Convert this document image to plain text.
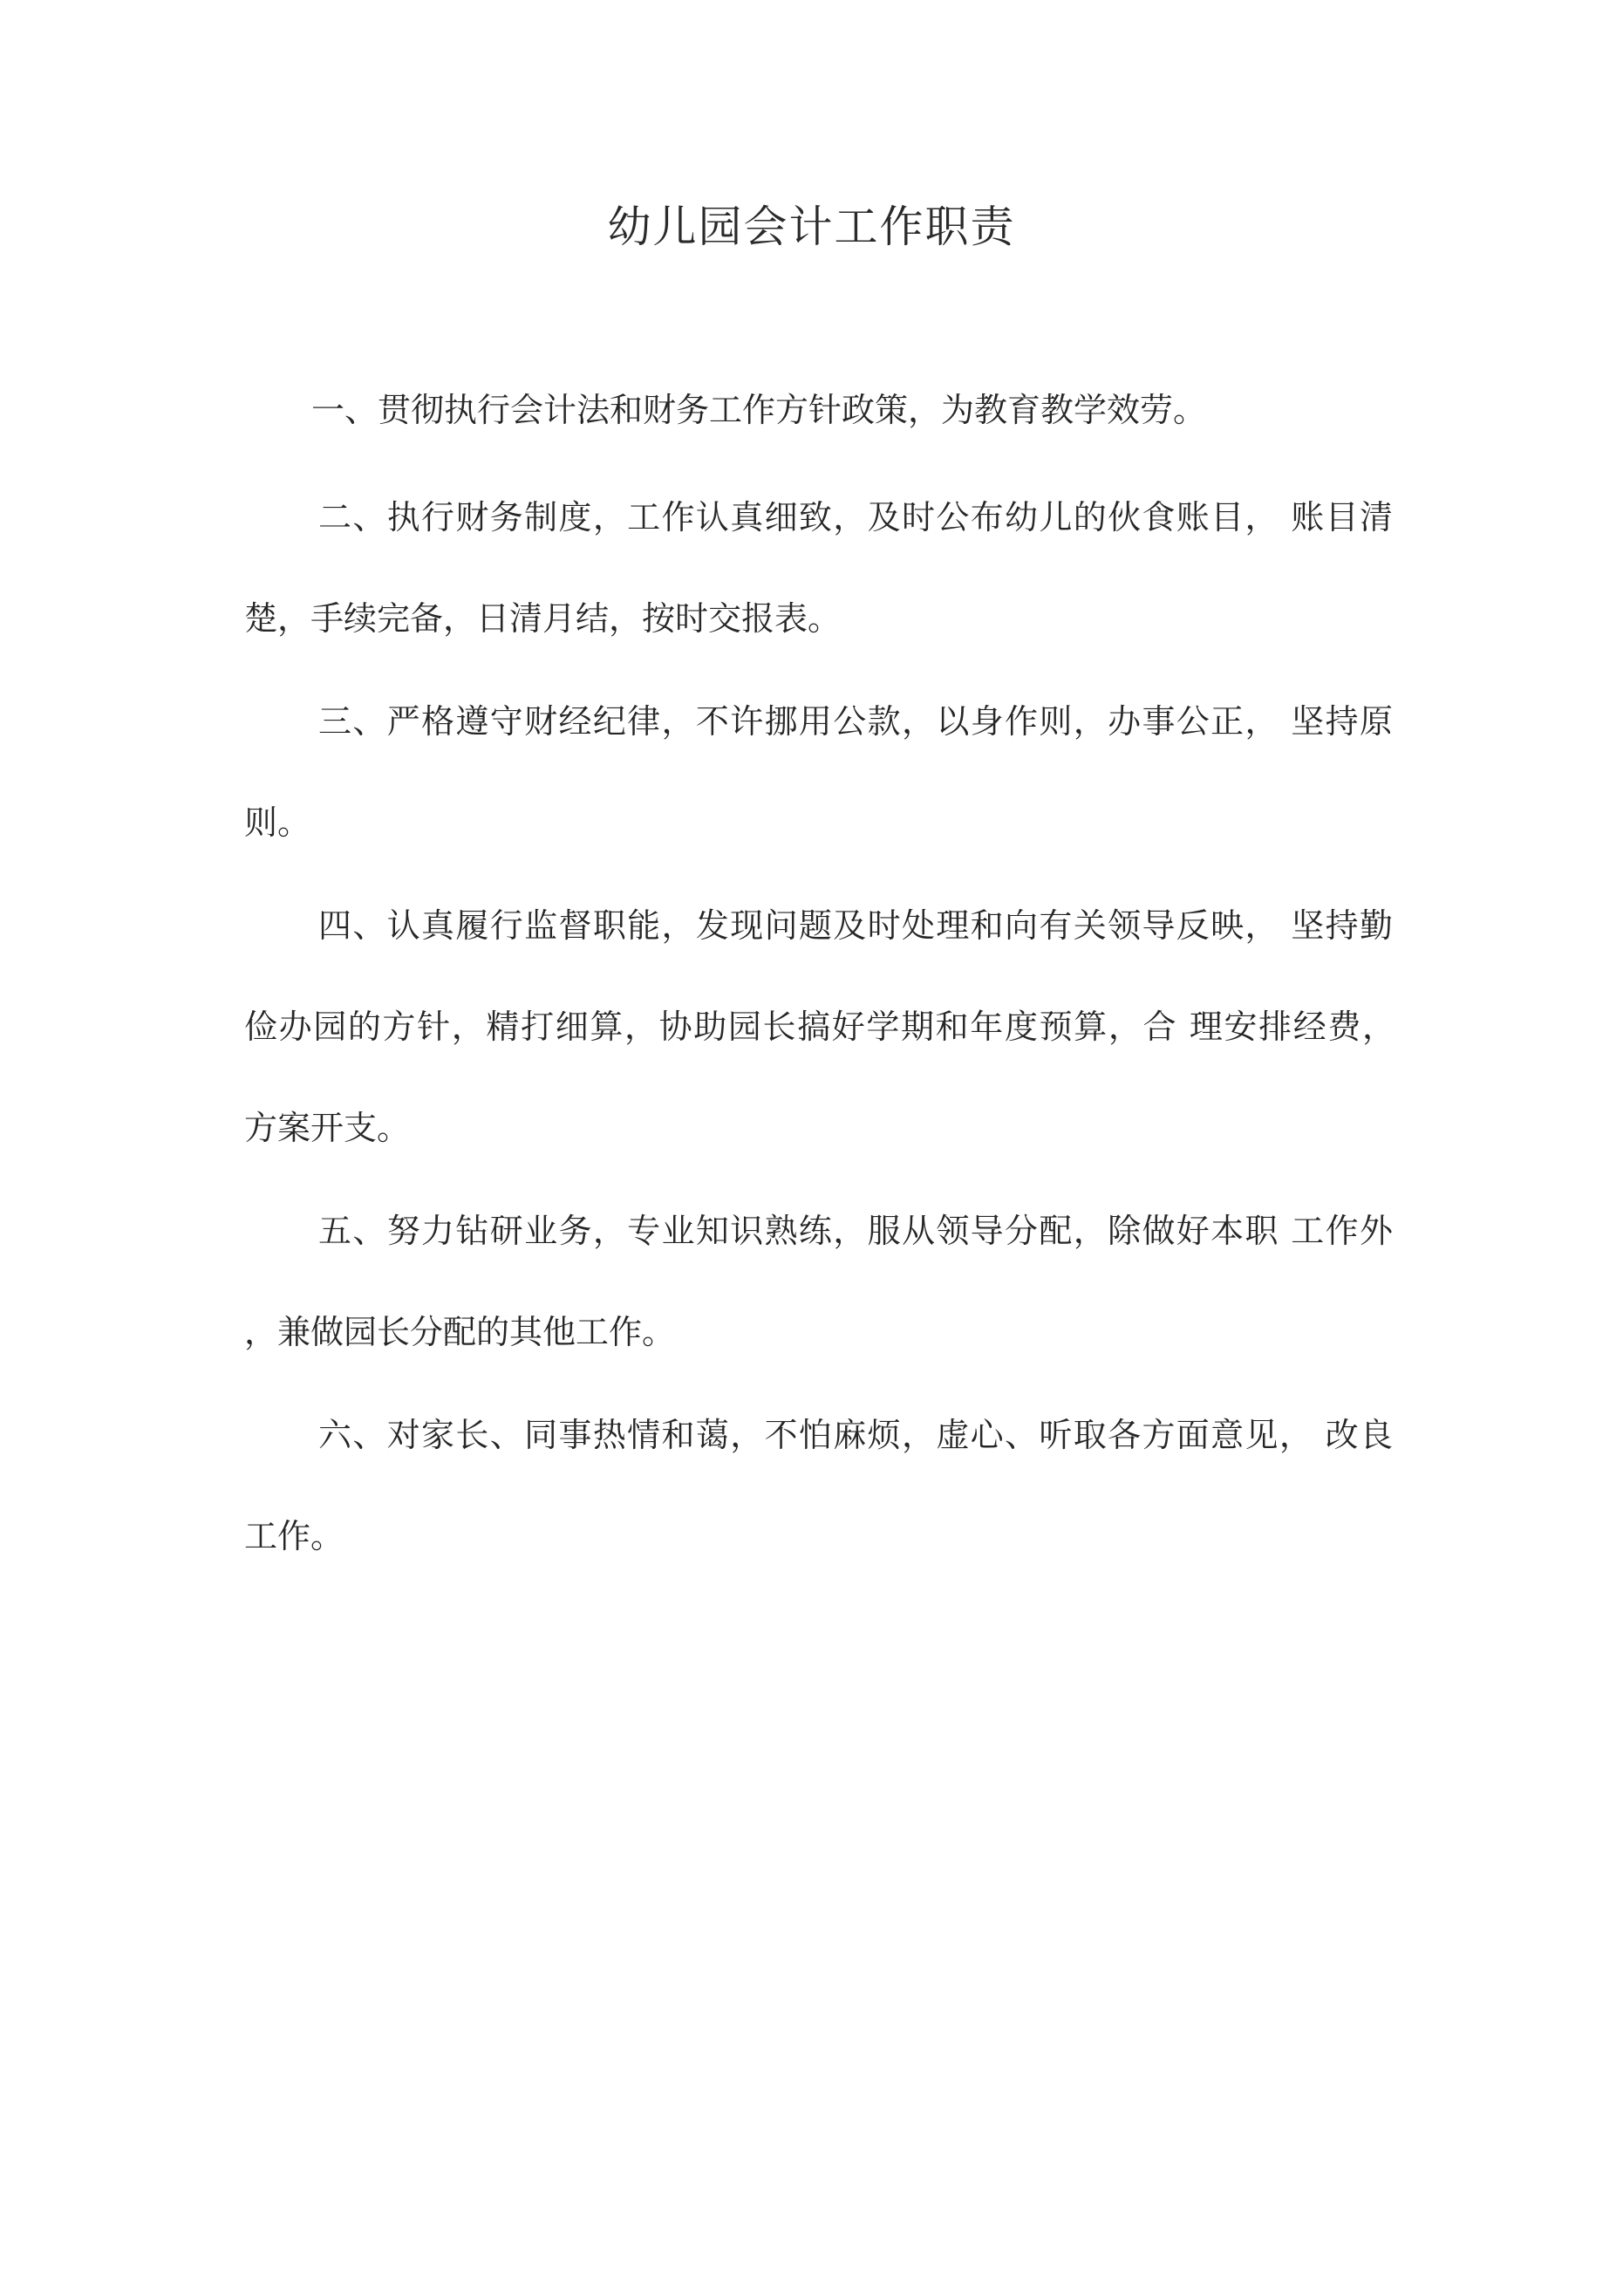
幼儿园会计工作职责

一、贯彻执行会计法和财务工作方针政策，为教育教学效劳。

二、执行财务制度，工作认真细致，及时公布幼儿的伙食账目， 账目清

楚，手续完备，日清月结，按时交报表。

三、严格遵守财经纪律，不许挪用公款，以身作则，办事公正， 坚持原

则。

四、认真履行监督职能，发现问题及时处理和向有关领导反映， 坚持勤

俭办园的方针，精打细算，协助园长搞好学期和年度预算，合 理安排经费，

方案开支。

五、努力钻研业务，专业知识熟练，服从领导分配，除做好本职 工作外

，兼做园长分配的其他工作。

六、对家长、同事热情和蔼，不怕麻烦，虚心、听取各方面意见， 改良

工作。
